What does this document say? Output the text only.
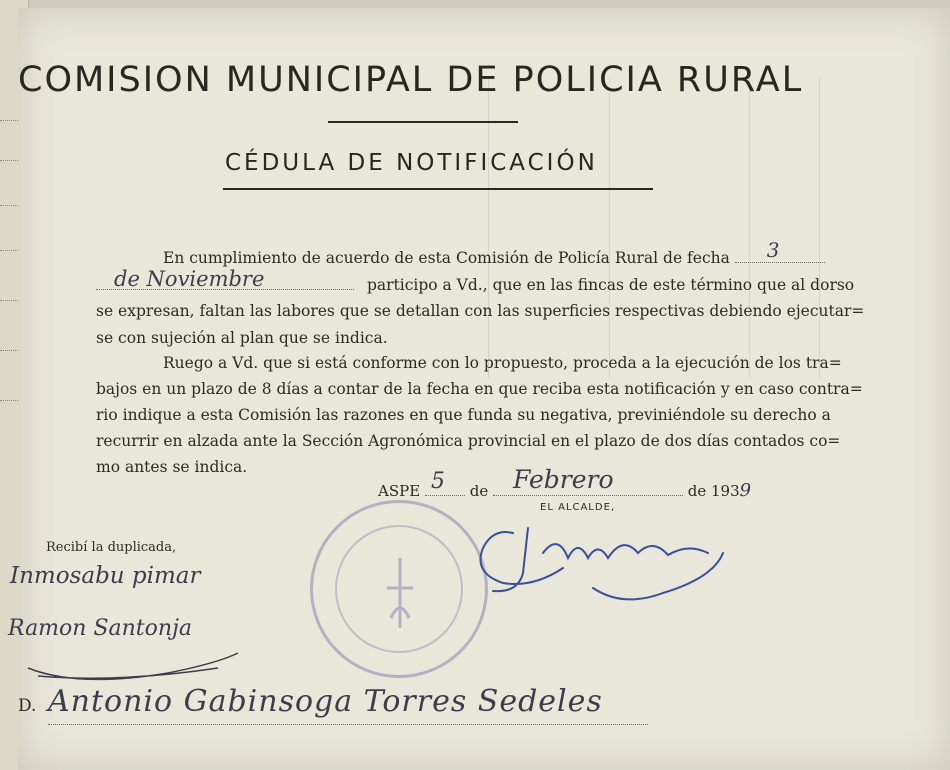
COMISION MUNICIPAL DE POLICIA RURAL
CÉDULA DE NOTIFICACIÓN
En cumplimiento de acuerdo de esta Comisión de Policía Rural de fecha 3
de Noviembre	participo a Vd., que en las fincas de este término que al dorso
se expresan, faltan las labores que se detallan con las superficies respectivas debiendo ejecutar=
se con sujeción al plan que se indica.
Ruego a Vd. que si está conforme con lo propuesto, proceda a la ejecución de los tra=
bajos en un plazo de 8 días a contar de la fecha en que reciba esta notificación y en caso contra=
rio indique a esta Comisión las razones en que funda su negativa, previniéndole su derecho a
recurrir en alzada ante la Sección Agronómica provincial en el plazo de dos días contados co=
mo antes se indica.
ASPE 5 de Febrero	de 1939
EL ALCALDE,
Recibí la duplicada,
Inmosabu pimar
Ramon Santonja
D. Antonio Gabinsoga Torres Sedeles
